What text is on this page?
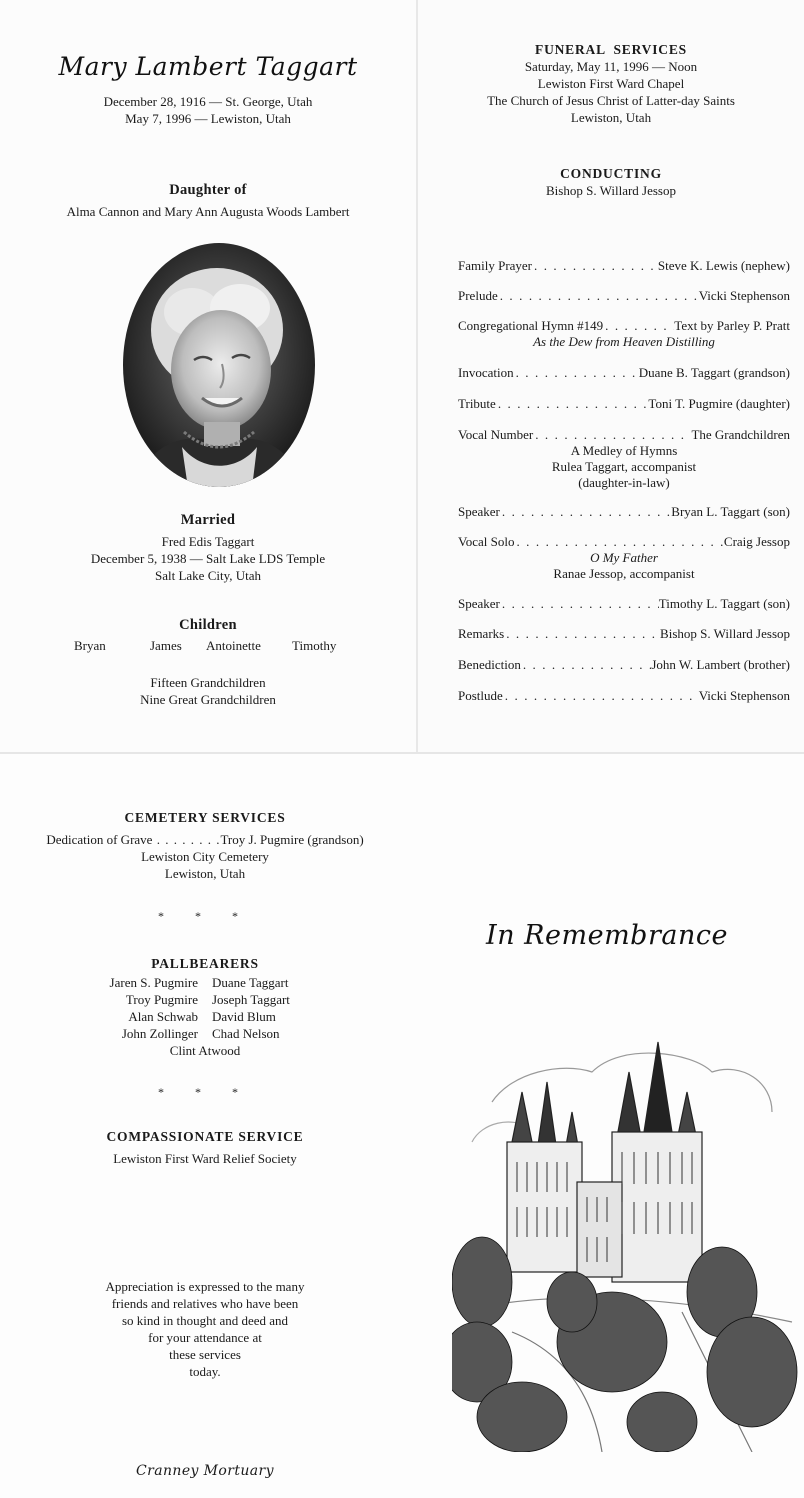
Mary Lambert Taggart
December 28, 1916 — St. George, Utah
May 7, 1996 — Lewiston, Utah
Daughter of
Alma Cannon and Mary Ann Augusta Woods Lambert
Married
Fred Edis Taggart
December 5, 1938 — Salt Lake LDS Temple
Salt Lake City, Utah
Children
Bryan	James	Antoinette	Timothy
Fifteen Grandchildren
Nine Great Grandchildren
FUNERAL  SERVICES
Saturday, May 11, 1996 — Noon
Lewiston First Ward Chapel
The Church of Jesus Christ of Latter-day Saints
Lewiston, Utah
CONDUCTING
Bishop S. Willard Jessop
Family Prayer . . .	Steve K. Lewis (nephew)
Prelude . . .	Vicki Stephenson
Congregational Hymn #149 . . .	Text by Parley P. Pratt
As the Dew from Heaven Distilling
Invocation . . .	Duane B. Taggart (grandson)
Tribute . . .	Toni T. Pugmire (daughter)
Vocal Number . . .	The Grandchildren
A Medley of Hymns
Rulea Taggart, accompanist
(daughter-in-law)
Speaker . . .	Bryan L. Taggart (son)
Vocal Solo . . .	Craig Jessop
O My Father
Ranae Jessop, accompanist
Speaker . . .	Timothy L. Taggart (son)
Remarks . . .	Bishop S. Willard Jessop
Benediction . . .	John W. Lambert (brother)
Postlude . . .	Vicki Stephenson
CEMETERY SERVICES
Dedication of Grave . . . . . . . .Troy J. Pugmire (grandson)
Lewiston City Cemetery
Lewiston, Utah
* * *
PALLBEARERS
Jaren S. Pugmire Duane Taggart
Troy Pugmire Joseph Taggart
Alan Schwab David Blum
John Zollinger Chad Nelson
Clint Atwood
* * *
COMPASSIONATE SERVICE
Lewiston First Ward Relief Society
Appreciation is expressed to the many
friends and relatives who have been
so kind in thought and deed and
for your attendance at
these services
today.
Cranney Mortuary
In Remembrance
